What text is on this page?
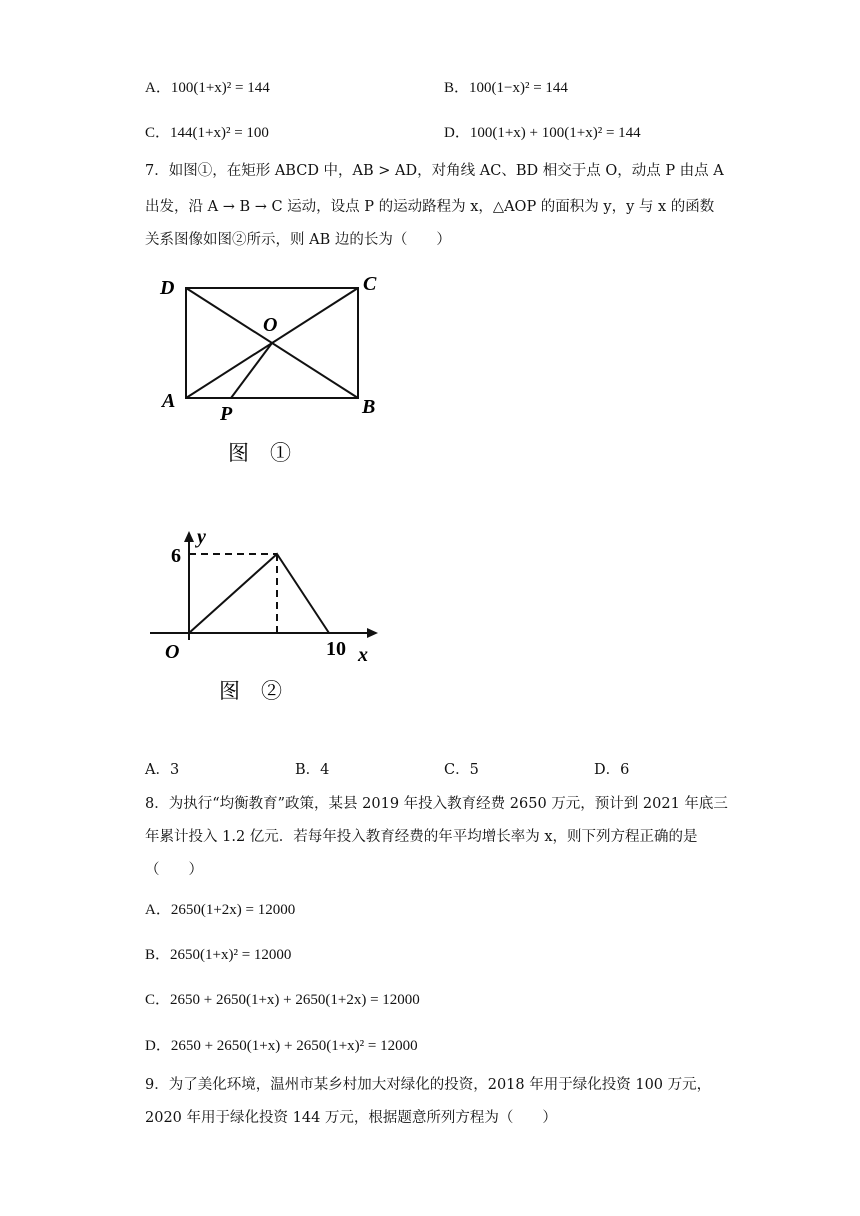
A．100(1+x)² = 144	B．100(1−x)² = 144
C．144(1+x)² = 100	D．100(1+x) + 100(1+x)² = 144
7．如图①，在矩形 ABCD 中，AB > AD，对角线 AC、BD 相交于点 O，动点 P 由点 A
出发，沿 A → B → C 运动，设点 P 的运动路程为 x，△AOP 的面积为 y，y 与 x 的函数
关系图像如图②所示，则 AB 边的长为（　　）
D	C
O
A
P	B
图　①
y
6
O	10 x
图　②
A．3	B．4	C．5	D．6
8．为执行“均衡教育”政策，某县 2019 年投入教育经费 2650 万元，预计到 2021 年底三
年累计投入 1.2 亿元．若每年投入教育经费的年平均增长率为 x，则下列方程正确的是
（　　）
A．2650(1+2x) = 12000
B．2650(1+x)² = 12000
C．2650 + 2650(1+x) + 2650(1+2x) = 12000
D．2650 + 2650(1+x) + 2650(1+x)² = 12000
9．为了美化环境，温州市某乡村加大对绿化的投资，2018 年用于绿化投资 100 万元，
2020 年用于绿化投资 144 万元，根据题意所列方程为（　　）
